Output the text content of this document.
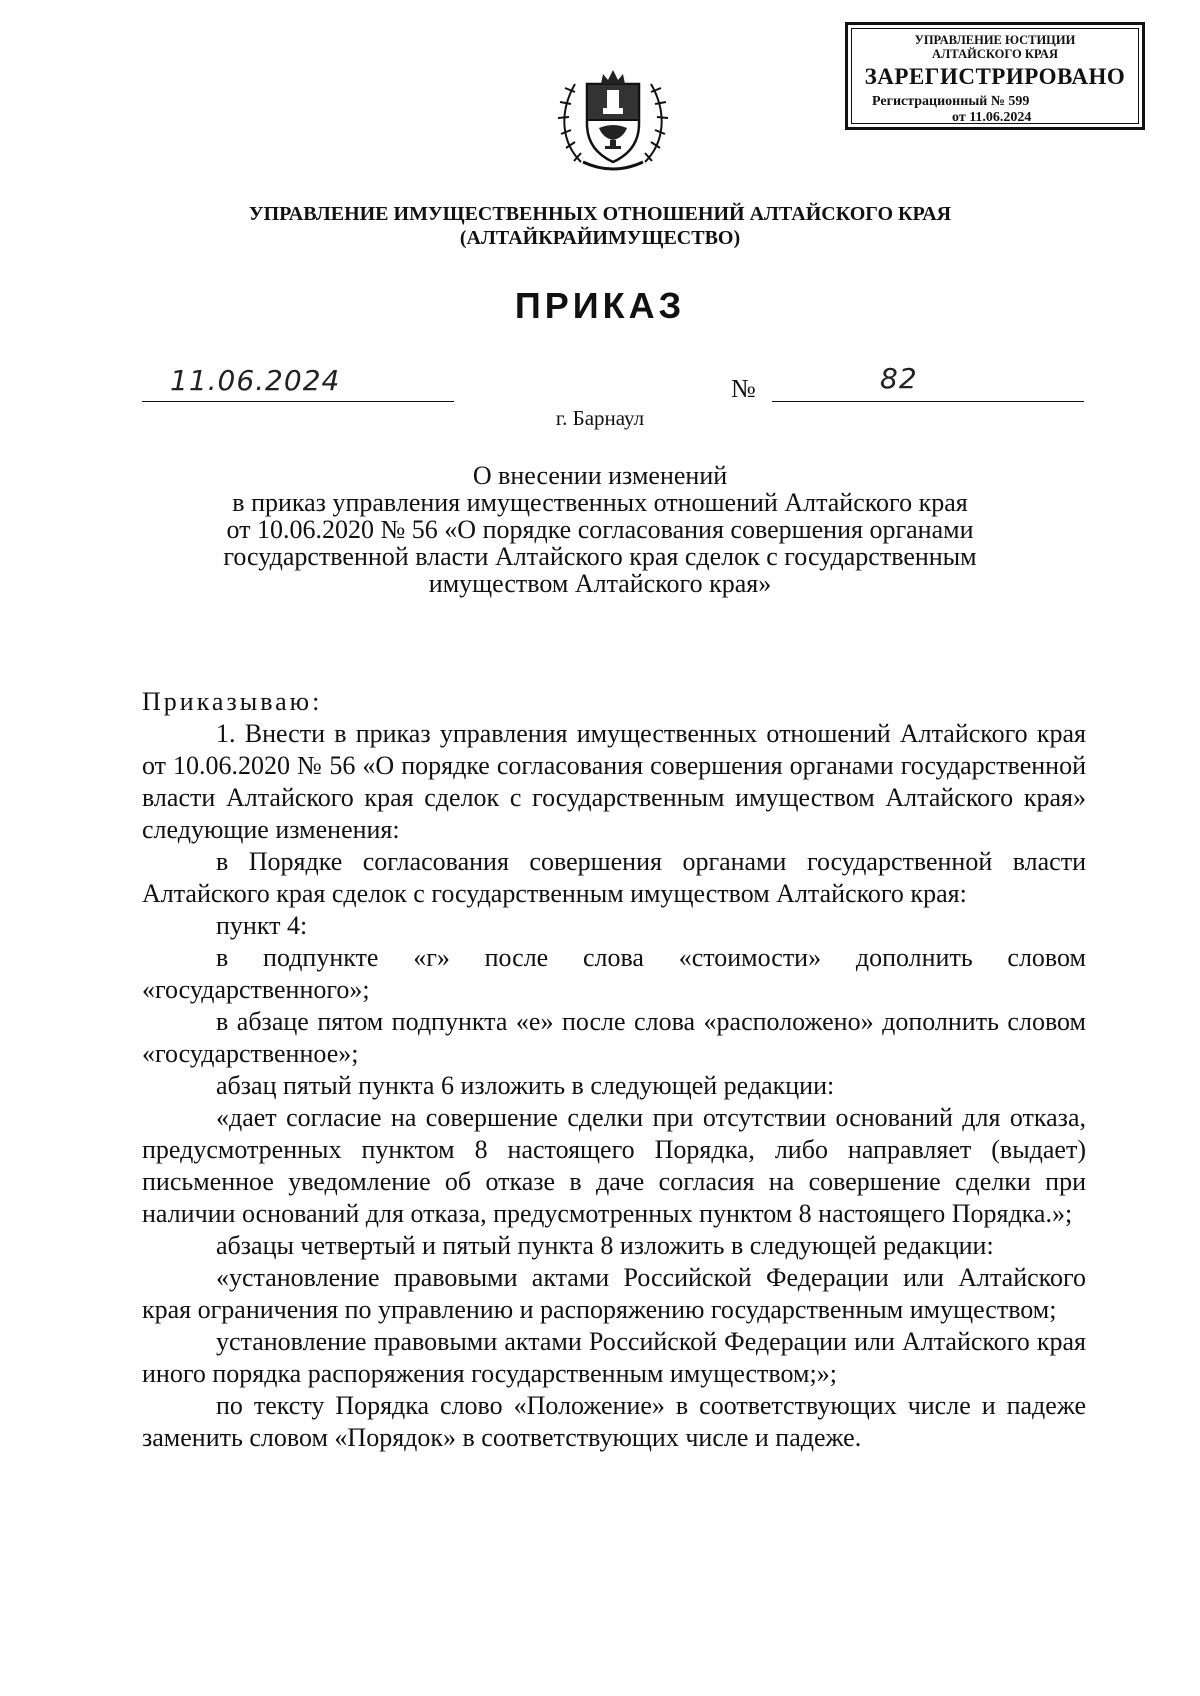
УПРАВЛЕНИЕ ЮСТИЦИИ
АЛТАЙСКОГО КРАЯ
ЗАРЕГИСТРИРОВАНО
Регистрационный № 599
от 11.06.2024
УПРАВЛЕНИЕ ИМУЩЕСТВЕННЫХ ОТНОШЕНИЙ АЛТАЙСКОГО КРАЯ
(АЛТАЙКРАЙИМУЩЕСТВО)
ПРИКАЗ
11.06.2024	№	82
г. Барнаул
О внесении изменений
в приказ управления имущественных отношений Алтайского края
от 10.06.2020 № 56 «О порядке согласования совершения органами
государственной власти Алтайского края сделок с государственным
имуществом Алтайского края»

Приказываю:

1. Внести в приказ управления имущественных отношений Алтайского края от 10.06.2020 № 56 «О порядке согласования совершения органами государственной власти Алтайского края сделок с государственным имуществом Алтайского края» следующие изменения:

в Порядке согласования совершения органами государственной власти Алтайского края сделок с государственным имуществом Алтайского края:

пункт 4:

в подпункте «г» после слова «стоимости» дополнить словом «государственного»;

в абзаце пятом подпункта «е» после слова «расположено» дополнить словом «государственное»;

абзац пятый пункта 6 изложить в следующей редакции:

«дает согласие на совершение сделки при отсутствии оснований для отказа, предусмотренных пунктом 8 настоящего Порядка, либо направляет (выдает) письменное уведомление об отказе в даче согласия на совершение сделки при наличии оснований для отказа, предусмотренных пунктом 8 настоящего Порядка.»;

абзацы четвертый и пятый пункта 8 изложить в следующей редакции:

«установление правовыми актами Российской Федерации или Алтайского края ограничения по управлению и распоряжению государственным имуществом;

установление правовыми актами Российской Федерации или Алтайского края иного порядка распоряжения государственным имуществом;»;

по тексту Порядка слово «Положение» в соответствующих числе и падеже заменить словом «Порядок» в соответствующих числе и падеже.
